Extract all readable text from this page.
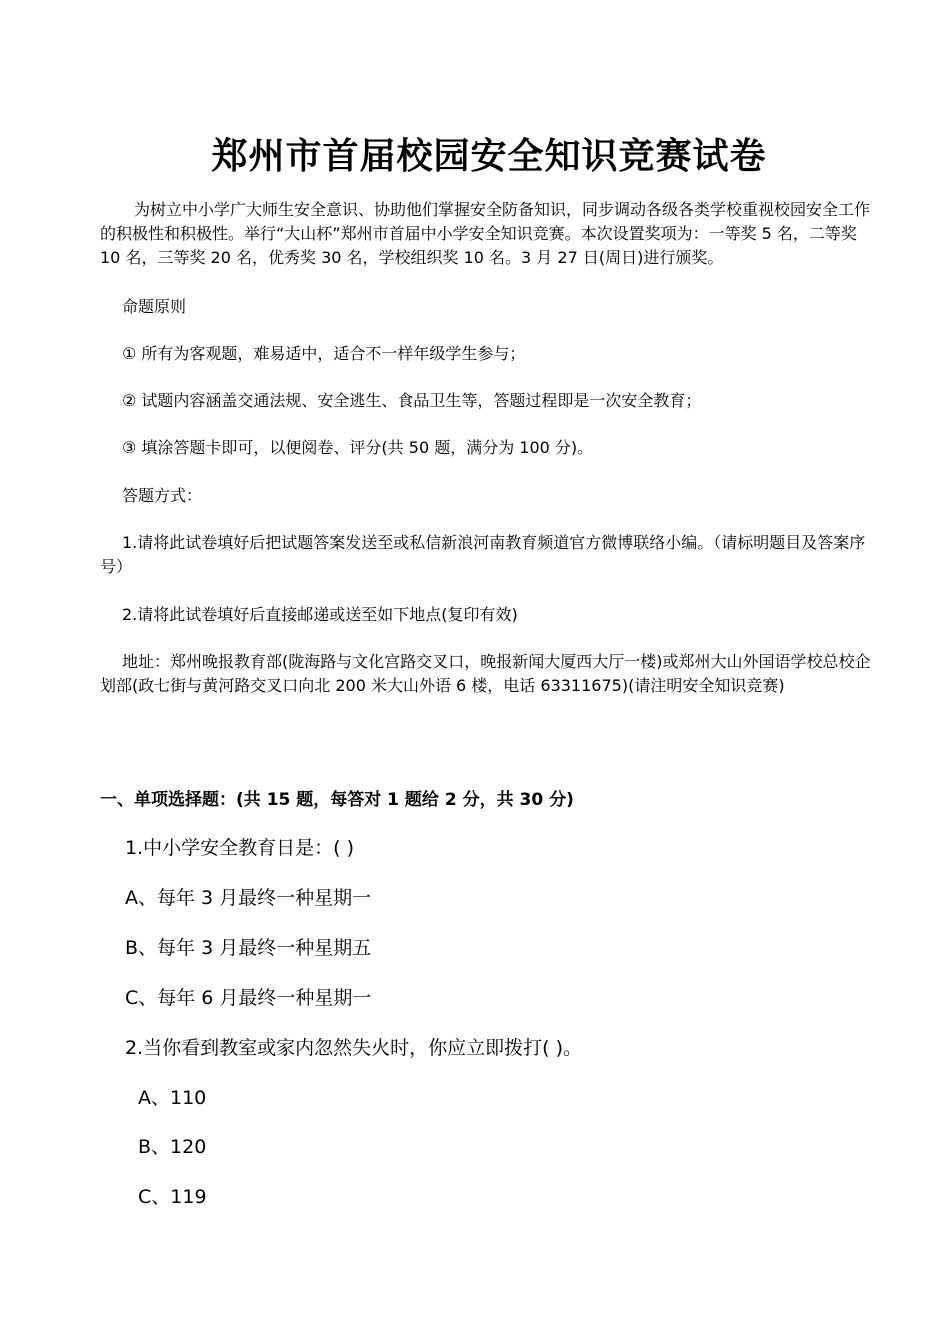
郑州市首届校园安全知识竞赛试卷

为树立中小学广大师生安全意识、协助他们掌握安全防备知识，同步调动各级各类学校重视校园安全工作的积极性和积极性。举行“大山杯”郑州市首届中小学安全知识竞赛。本次设置奖项为：一等奖 5 名，二等奖 10 名，三等奖 20 名，优秀奖 30 名，学校组织奖 10 名。3 月 27 日(周日)进行颁奖。

命题原则

① 所有为客观题，难易适中，适合不一样年级学生参与；

② 试题内容涵盖交通法规、安全逃生、食品卫生等，答题过程即是一次安全教育；

③ 填涂答题卡即可，以便阅卷、评分(共 50 题，满分为 100 分)。

答题方式：

1.请将此试卷填好后把试题答案发送至或私信新浪河南教育频道官方微博联络小编。（请标明题目及答案序号）

2.请将此试卷填好后直接邮递或送至如下地点(复印有效)

地址：郑州晚报教育部(陇海路与文化宫路交叉口，晚报新闻大厦西大厅一楼)或郑州大山外国语学校总校企划部(政七街与黄河路交叉口向北 200 米大山外语 6 楼，电话 63311675)(请注明安全知识竞赛)

一、单项选择题：(共 15 题，每答对 1 题给 2 分，共 30 分)

1.中小学安全教育日是：( )

A、每年 3 月最终一种星期一

B、每年 3 月最终一种星期五

C、每年 6 月最终一种星期一

2.当你看到教室或家内忽然失火时，你应立即拨打( )。

A、110

B、120

C、119
